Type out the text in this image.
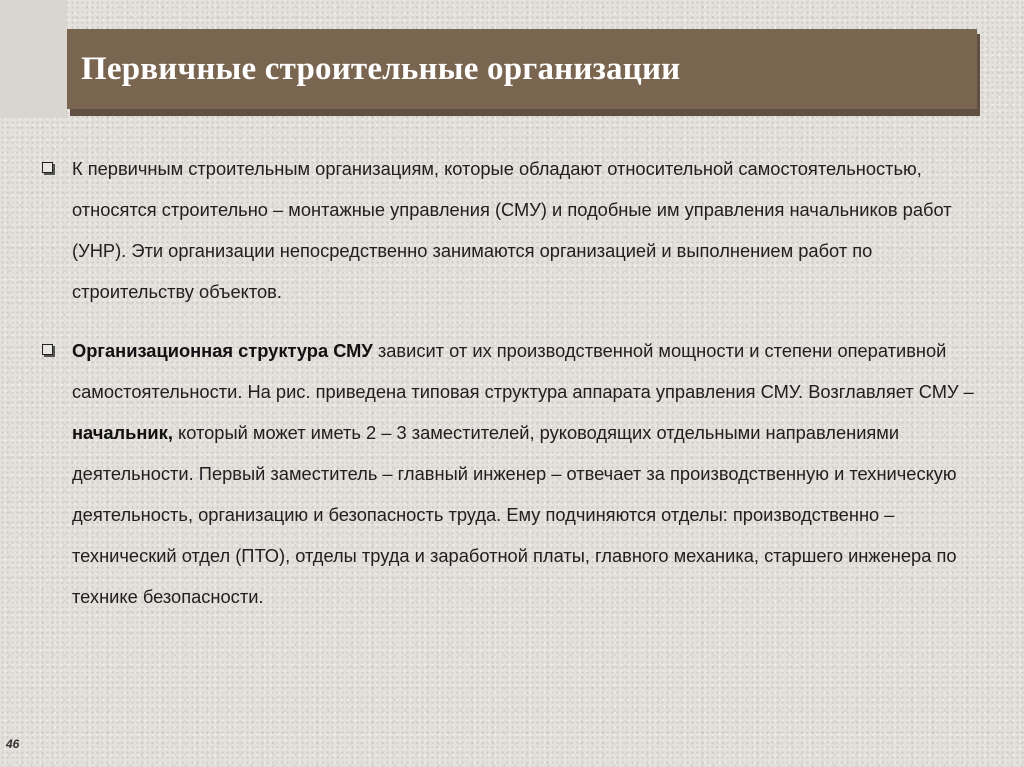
Первичные строительные организации

К первичным строительным организациям, которые обладают относительной самостоятельностью, относятся строительно – монтажные управления (СМУ) и подобные им управления начальников работ (УНР). Эти организации непосредственно занимаются организацией и выполнением работ по строительству объектов.

Организационная структура СМУ зависит от их производственной мощности и степени оперативной самостоятельности. На рис. приведена типовая структура аппарата управления СМУ. Возглавляет СМУ – начальник, который может иметь 2 – 3 заместителей, руководящих отдельными направлениями деятельности. Первый заместитель – главный инженер – отвечает за производственную и техническую деятельность, организацию и безопасность труда. Ему подчиняются отделы: производственно – технический отдел (ПТО), отделы труда и заработной платы, главного механика, старшего инженера по технике безопасности.

46
